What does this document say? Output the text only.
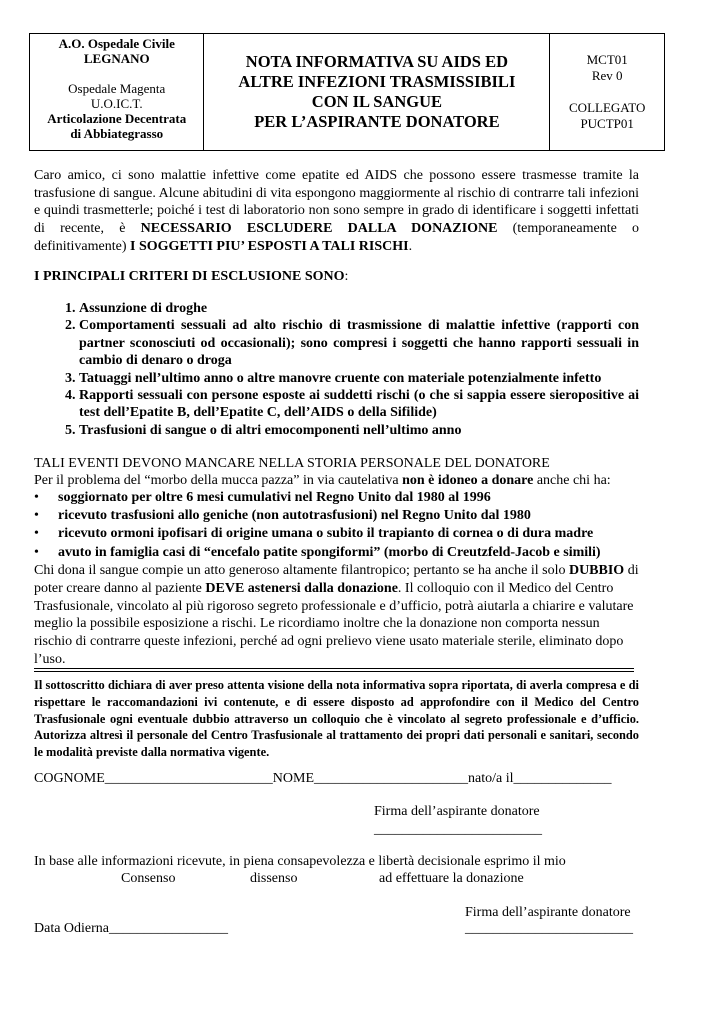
A.O. Ospedale Civile
LEGNANO
Ospedale Magenta
U.O.IC.T.
Articolazione Decentrata
di Abbiategrasso
NOTA INFORMATIVA SU AIDS ED
ALTRE INFEZIONI TRASMISSIBILI
CON IL SANGUE
PER L’ASPIRANTE DONATORE
MCT01
Rev 0
COLLEGATO
PUCTP01
Caro amico, ci sono malattie infettive come epatite ed AIDS che possono essere trasmesse tramite la trasfusione di sangue. Alcune abitudini di vita espongono maggiormente al rischio di contrarre tali infezioni e quindi trasmetterle; poiché i test di laboratorio non sono sempre in grado di identificare i soggetti infettati di recente, è NECESSARIO ESCLUDERE DALLA DONAZIONE (temporaneamente o definitivamente) I SOGGETTI PIU’ ESPOSTI A TALI RISCHI.
I PRINCIPALI CRITERI DI ESCLUSIONE SONO:
1. Assunzione di droghe
2. Comportamenti sessuali ad alto rischio di trasmissione di malattie infettive (rapporti con partner sconosciuti od occasionali); sono compresi i soggetti che hanno rapporti sessuali in cambio di denaro o droga
3. Tatuaggi nell’ultimo anno o altre manovre cruente con materiale potenzialmente infetto
4. Rapporti sessuali con persone esposte ai suddetti rischi (o che si sappia essere sieropositive ai test dell’Epatite B, dell’Epatite C, dell’AIDS o della Sifilide)
5. Trasfusioni di sangue o di altri emocomponenti nell’ultimo anno
TALI EVENTI DEVONO MANCARE NELLA STORIA PERSONALE DEL DONATORE
Per il problema del “morbo della mucca pazza” in via cautelativa non è idoneo a donare anche chi ha:
• soggiornato per oltre 6 mesi cumulativi nel Regno Unito dal 1980 al 1996
• ricevuto trasfusioni allo geniche (non autotrasfusioni) nel Regno Unito dal 1980
• ricevuto ormoni ipofisari di origine umana o subito il trapianto di cornea o di dura madre
• avuto in famiglia casi di “encefalo patite spongiformi” (morbo di Creutzfeld-Jacob e simili)
Chi dona il sangue compie un atto generoso altamente filantropico; pertanto se ha anche il solo DUBBIO di poter creare danno al paziente DEVE astenersi dalla donazione. Il colloquio con il Medico del Centro Trasfusionale, vincolato al più rigoroso segreto professionale e d’ufficio, potrà aiutarla a chiarire e valutare meglio la possibile esposizione a rischi. Le ricordiamo inoltre che la donazione non comporta nessun rischio di contrarre queste infezioni, perché ad ogni prelievo viene usato materiale sterile, eliminato dopo l’uso.
Il sottoscritto dichiara di aver preso attenta visione della nota informativa sopra riportata, di averla compresa e di rispettare le raccomandazioni ivi contenute, e di essere disposto ad approfondire con il Medico del Centro Trasfusionale ogni eventuale dubbio attraverso un colloquio che è vincolato al segreto professionale e d’ufficio. Autorizza altresì il personale del Centro Trasfusionale al trattamento dei propri dati personali e sanitari, secondo le modalità previste dalla normativa vigente.
COGNOME________________________NOME______________________nato/a il______________
Firma dell’aspirante donatore
________________________
In base alle informazioni ricevute, in piena consapevolezza e libertà decisionale esprimo il mio
Consenso	dissenso	ad effettuare la donazione
Firma dell’aspirante donatore
Data Odierna_________________	________________________
